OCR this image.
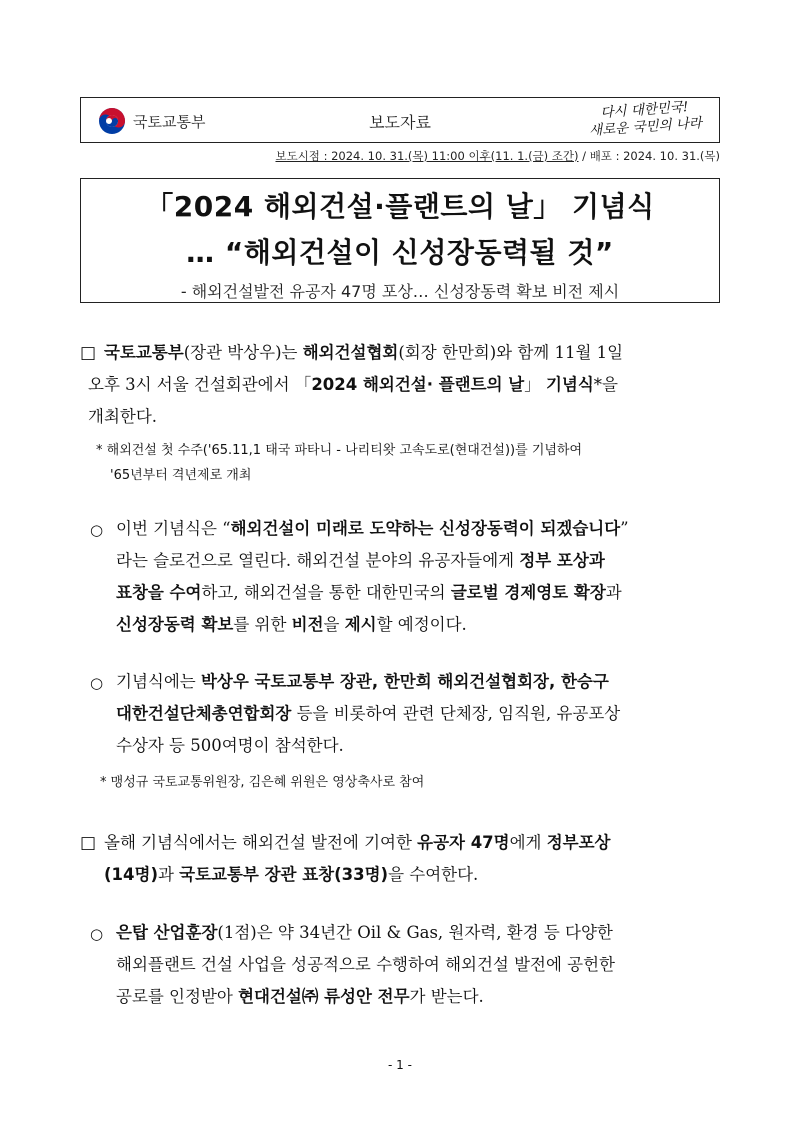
국토교통부	보도자료
다시 대한민국!
새로운 국민의 나라
보도시점 : 2024. 10. 31.(목) 11:00 이후(11. 1.(금) 조간) / 배포 : 2024. 10. 31.(목)
「2024 해외건설·플랜트의 날」 기념식
… “해외건설이 신성장동력될 것”
- 해외건설발전 유공자 47명 포상… 신성장동력 확보 비전 제시
□ 국토교통부(장관 박상우)는 해외건설협회(회장 한만희)와 함께 11월 1일
오후 3시 서울 건설회관에서 「2024 해외건설· 플랜트의 날」 기념식*을
개최한다.
* 해외건설 첫 수주('65.11,1 태국 파타니 - 나리티왓 고속도로(현대건설))를 기념하여
'65년부터 격년제로 개최
○ 이번 기념식은 “해외건설이 미래로 도약하는 신성장동력이 되겠습니다”
라는 슬로건으로 열린다. 해외건설 분야의 유공자들에게 정부 포상과
표창을 수여하고, 해외건설을 통한 대한민국의 글로벌 경제영토 확장과
신성장동력 확보를 위한 비전을 제시할 예정이다.
○ 기념식에는 박상우 국토교통부 장관, 한만희 해외건설협회장, 한승구
대한건설단체총연합회장 등을 비롯하여 관련 단체장, 임직원, 유공포상
수상자 등 500여명이 참석한다.
* 맹성규 국토교통위원장, 김은혜 위원은 영상축사로 참여
□ 올해 기념식에서는 해외건설 발전에 기여한 유공자 47명에게 정부포상
(14명)과 국토교통부 장관 표창(33명)을 수여한다.
○ 은탑 산업훈장(1점)은 약 34년간 Oil & Gas, 원자력, 환경 등 다양한
해외플랜트 건설 사업을 성공적으로 수행하여 해외건설 발전에 공헌한
공로를 인정받아 현대건설㈜ 류성안 전무가 받는다.
- 1 -
